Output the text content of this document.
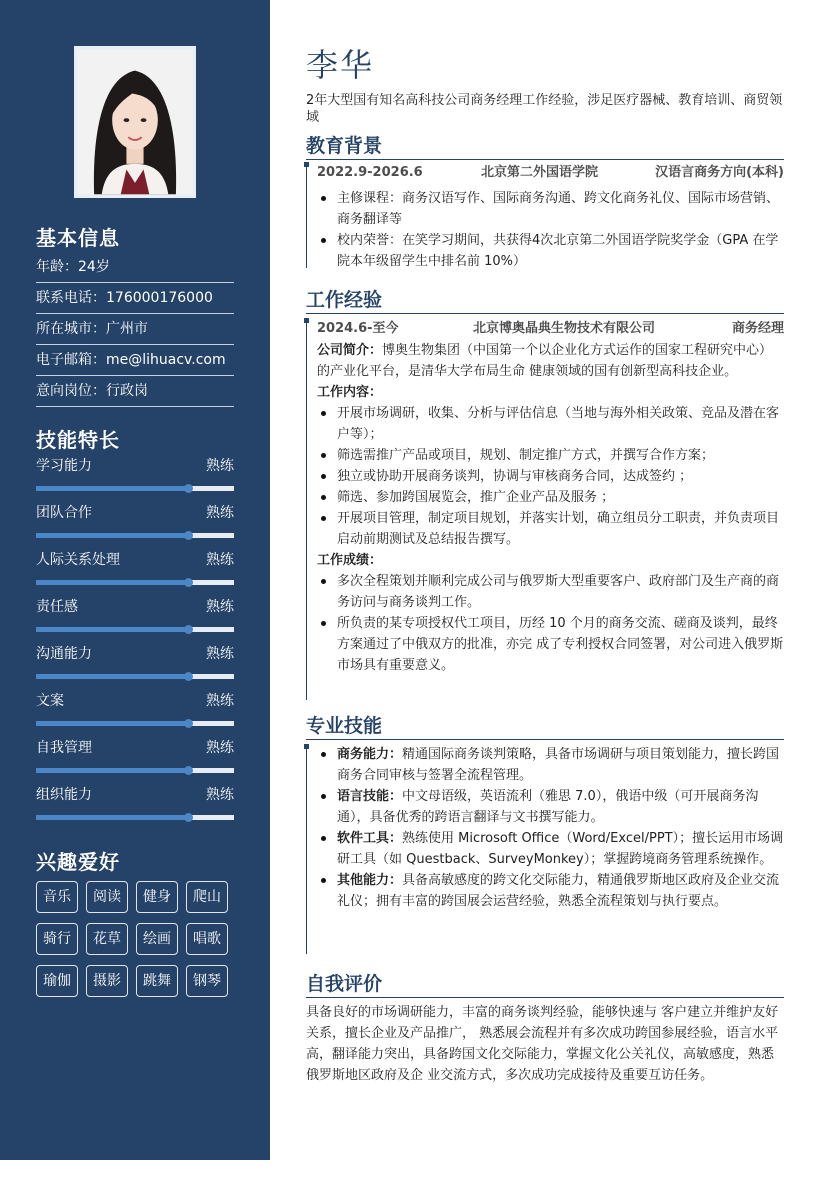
基本信息
年龄：24岁
联系电话：176000176000
所在城市：广州市
电子邮箱：me@lihuacv.com
意向岗位：行政岗
技能特长
学习能力	熟练
团队合作	熟练
人际关系处理	熟练
责任感	熟练
沟通能力	熟练
文案	熟练
自我管理	熟练
组织能力	熟练
兴趣爱好
音乐	阅读	健身	爬山
骑行	花草	绘画	唱歌
瑜伽	摄影	跳舞	钢琴
李华
2年大型国有知名高科技公司商务经理工作经验，涉足医疗器械、教育培训、商贸领域
教育背景
2022.9-2026.6	北京第二外国语学院	汉语言商务方向(本科)
主修课程：商务汉语写作、国际商务沟通、跨文化商务礼仪、国际市场营销、商务翻译等
校内荣誉：在笑学习期间，共获得4次北京第二外国语学院奖学金（GPA 在学院本年级留学生中排名前 10%）
工作经验
2024.6-至今	北京博奥晶典生物技术有限公司	商务经理
公司简介：博奥生物集团（中国第一个以企业化方式运作的国家工程研究中心）的产业化平台，是清华大学布局生命 健康领域的国有创新型高科技企业。
工作内容：
开展市场调研，收集、分析与评估信息（当地与海外相关政策、竞品及潜在客户等）；
筛选需推广产品或项目，规划、制定推广方式，并撰写合作方案；
独立或协助开展商务谈判，协调与审核商务合同，达成签约 ；
筛选、参加跨国展览会，推广企业产品及服务 ；
开展项目管理，制定项目规划，并落实计划，确立组员分工职责，并负责项目启动前期测试及总结报告撰写。
工作成绩：
多次全程策划并顺利完成公司与俄罗斯大型重要客户、政府部门及生产商的商务访问与商务谈判工作。
所负责的某专项授权代工项目，历经 10 个月的商务交流、磋商及谈判，最终方案通过了中俄双方的批准，亦完 成了专利授权合同签署，对公司进入俄罗斯市场具有重要意义。
专业技能
商务能力：精通国际商务谈判策略，具备市场调研与项目策划能力，擅长跨国商务合同审核与签署全流程管理。
语言技能：中文母语级，英语流利（雅思 7.0），俄语中级（可开展商务沟通），具备优秀的跨语言翻译与文书撰写能力。
软件工具：熟练使用 Microsoft Office（Word/Excel/PPT）；擅长运用市场调研工具（如 Questback、SurveyMonkey）；掌握跨境商务管理系统操作。
其他能力：具备高敏感度的跨文化交际能力，精通俄罗斯地区政府及企业交流礼仪；拥有丰富的跨国展会运营经验，熟悉全流程策划与执行要点。
自我评价
具备良好的市场调研能力，丰富的商务谈判经验，能够快速与 客户建立并维护友好关系，擅长企业及产品推广， 熟悉展会流程并有多次成功跨国参展经验，语言水平高，翻译能力突出，具备跨国文化交际能力，掌握文化公关礼仪，高敏感度，熟悉俄罗斯地区政府及企 业交流方式，多次成功完成接待及重要互访任务。
